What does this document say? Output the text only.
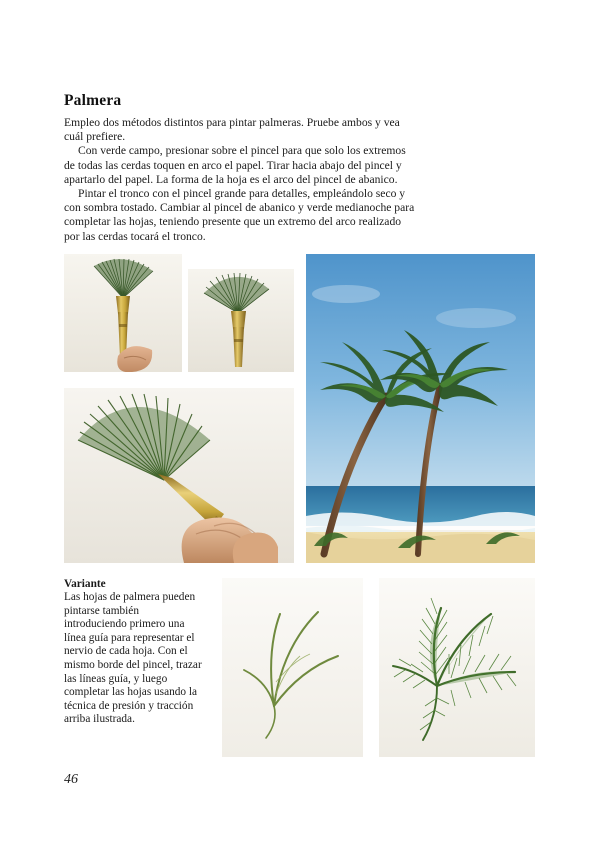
Palmera

Empleo dos métodos distintos para pintar palmeras. Pruebe ambos y vea cuál prefiere.

Con verde campo, presionar sobre el pincel para que solo los extremos de todas las cerdas toquen en arco el papel. Tirar hacia abajo del pincel y apartarlo del papel. La forma de la hoja es el arco del pincel de abanico.

Pintar el tronco con el pincel grande para detalles, empleándolo seco y con sombra tostado. Cambiar al pincel de abanico y verde medianoche para completar las hojas, teniendo presente que un extremo del arco realizado por las cerdas tocará el tronco.

Variante

Las hojas de palmera pueden pintarse también introduciendo primero una línea guía para representar el nervio de cada hoja. Con el mismo borde del pincel, trazar las líneas guía, y luego completar las hojas usando la técnica de presión y tracción arriba ilustrada.

46
